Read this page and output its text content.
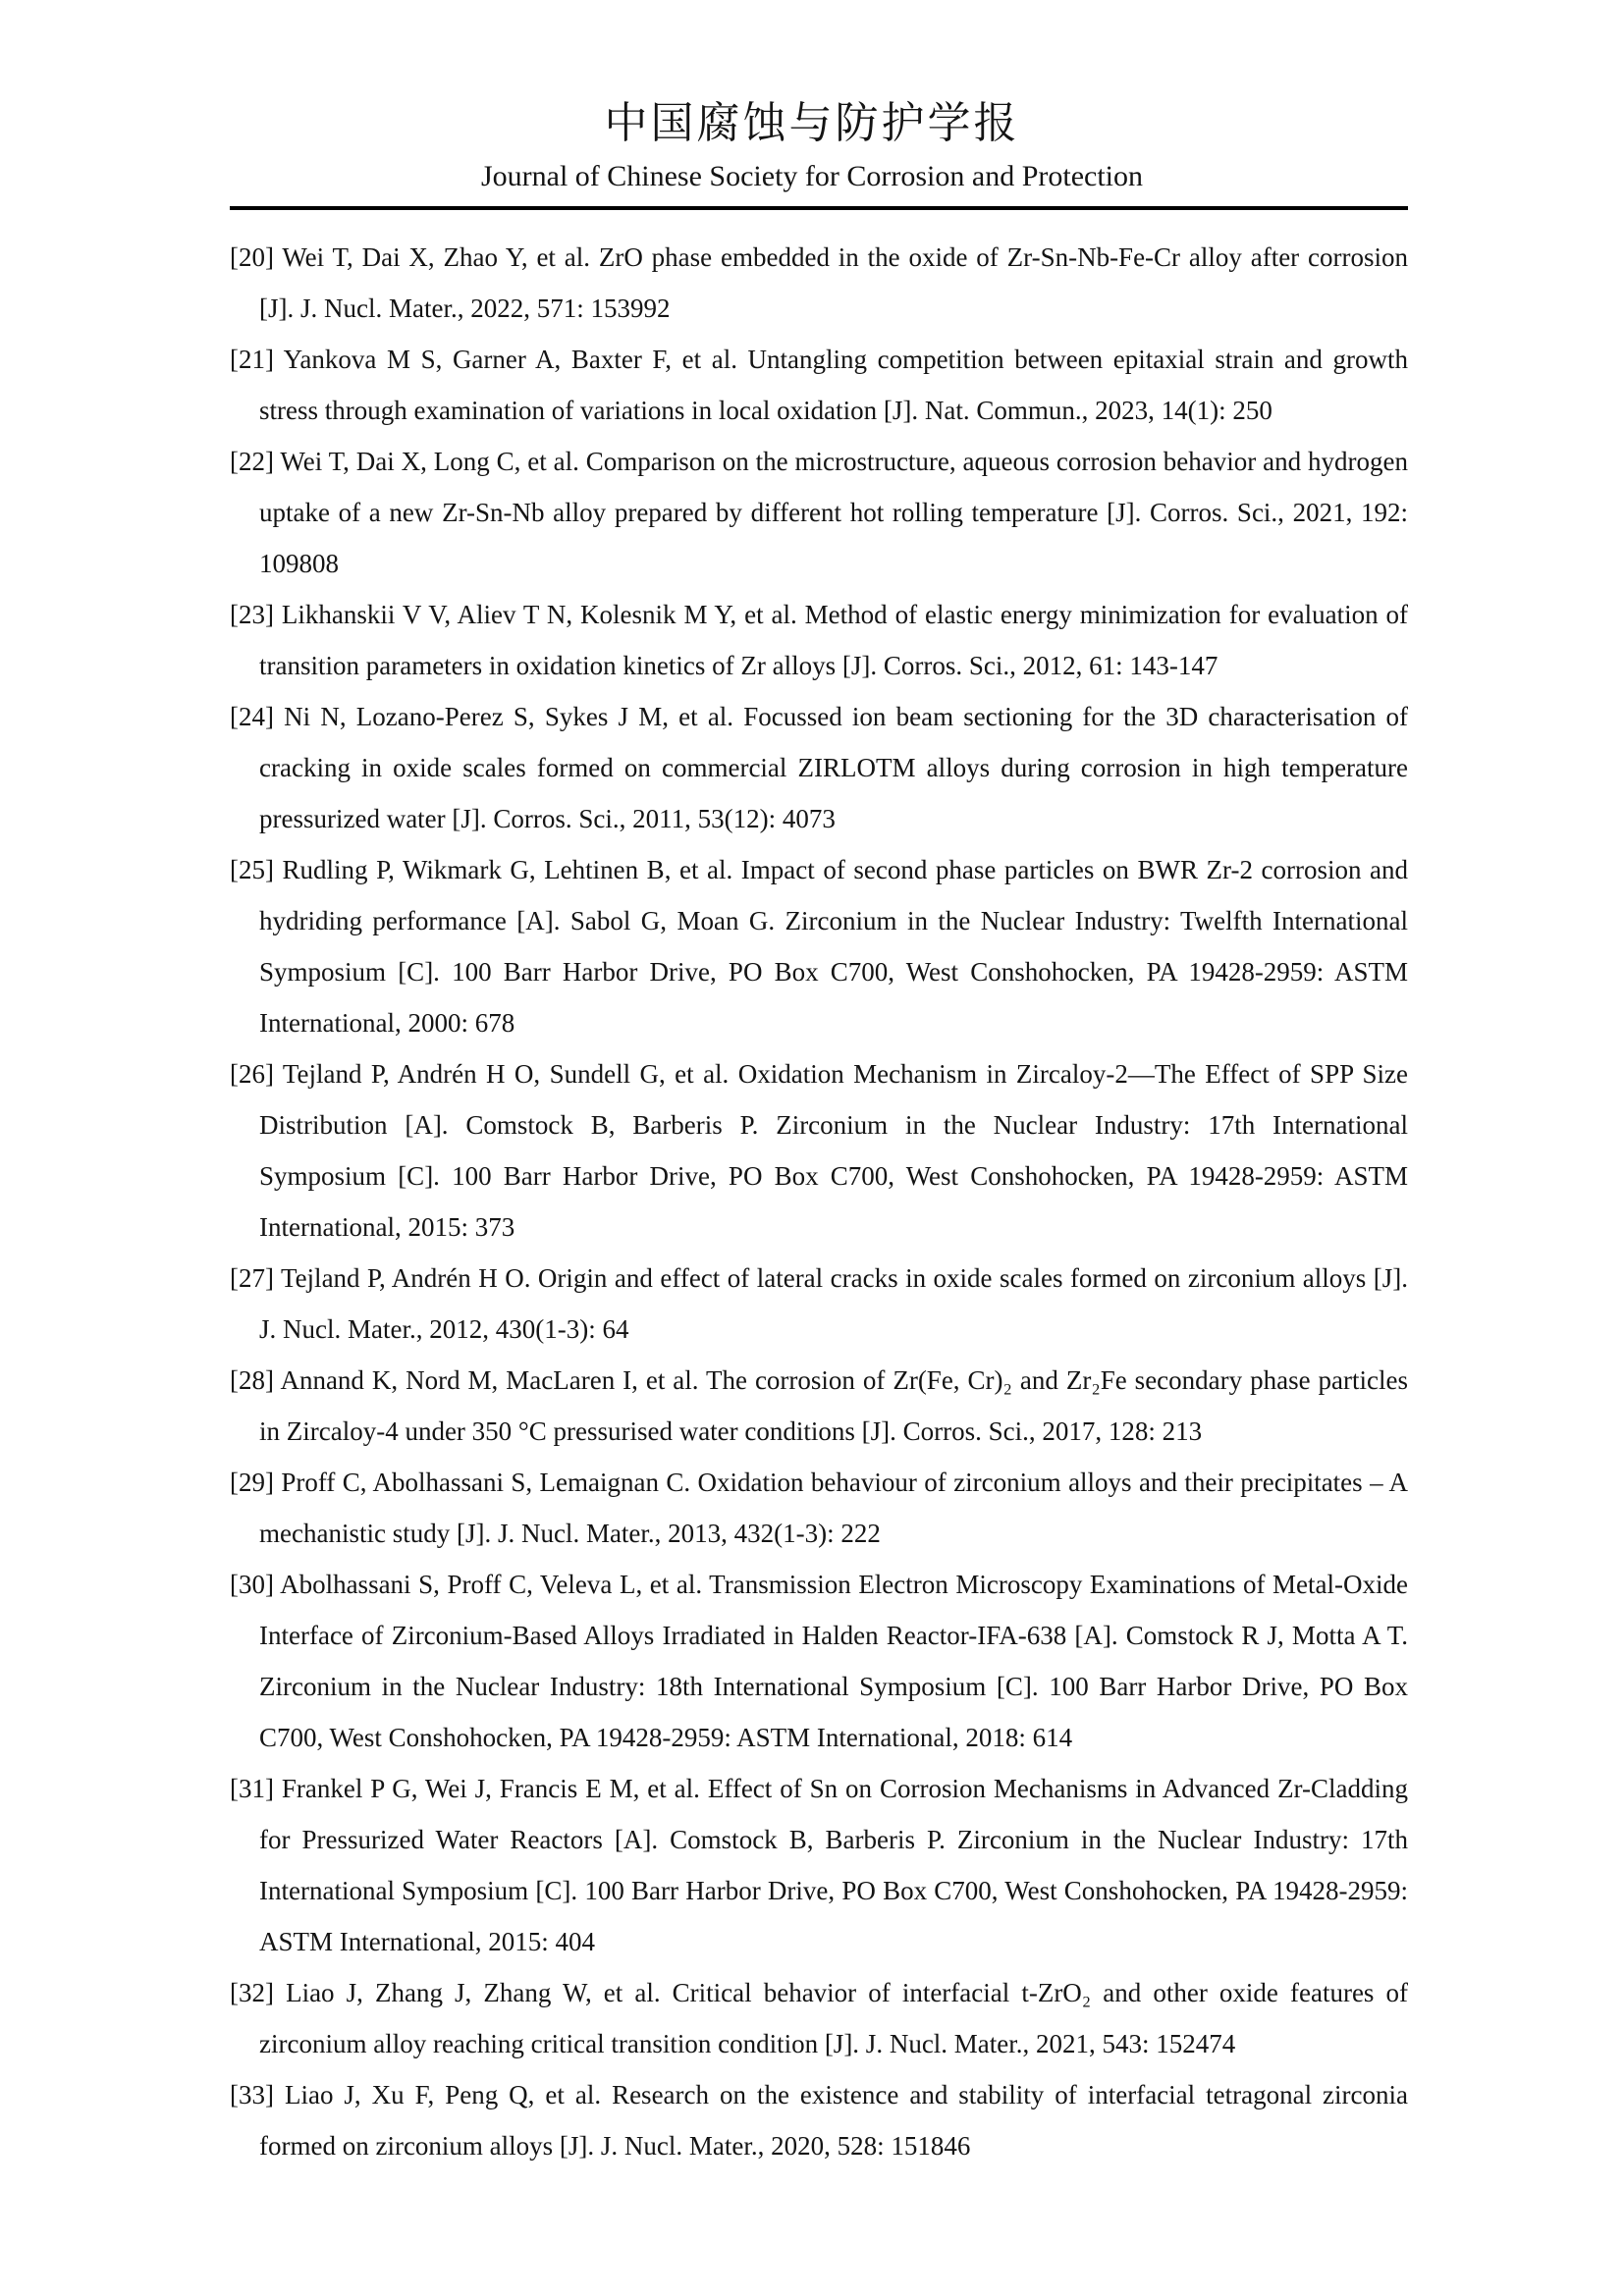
中国腐蚀与防护学报
Journal of Chinese Society for Corrosion and Protection
[20] Wei T, Dai X, Zhao Y, et al. ZrO phase embedded in the oxide of Zr-Sn-Nb-Fe-Cr alloy after corrosion [J]. J. Nucl. Mater., 2022, 571: 153992
[21] Yankova M S, Garner A, Baxter F, et al. Untangling competition between epitaxial strain and growth stress through examination of variations in local oxidation [J]. Nat. Commun., 2023, 14(1): 250
[22] Wei T, Dai X, Long C, et al. Comparison on the microstructure, aqueous corrosion behavior and hydrogen uptake of a new Zr-Sn-Nb alloy prepared by different hot rolling temperature [J]. Corros. Sci., 2021, 192: 109808
[23] Likhanskii V V, Aliev T N, Kolesnik M Y, et al. Method of elastic energy minimization for evaluation of transition parameters in oxidation kinetics of Zr alloys [J]. Corros. Sci., 2012, 61: 143-147
[24] Ni N, Lozano-Perez S, Sykes J M, et al. Focussed ion beam sectioning for the 3D characterisation of cracking in oxide scales formed on commercial ZIRLOTM alloys during corrosion in high temperature pressurized water [J]. Corros. Sci., 2011, 53(12): 4073
[25] Rudling P, Wikmark G, Lehtinen B, et al. Impact of second phase particles on BWR Zr-2 corrosion and hydriding performance [A]. Sabol G, Moan G. Zirconium in the Nuclear Industry: Twelfth International Symposium [C]. 100 Barr Harbor Drive, PO Box C700, West Conshohocken, PA 19428-2959: ASTM International, 2000: 678
[26] Tejland P, Andrén H O, Sundell G, et al. Oxidation Mechanism in Zircaloy-2—The Effect of SPP Size Distribution [A]. Comstock B, Barberis P. Zirconium in the Nuclear Industry: 17th International Symposium [C]. 100 Barr Harbor Drive, PO Box C700, West Conshohocken, PA 19428-2959: ASTM International, 2015: 373
[27] Tejland P, Andrén H O. Origin and effect of lateral cracks in oxide scales formed on zirconium alloys [J]. J. Nucl. Mater., 2012, 430(1-3): 64
[28] Annand K, Nord M, MacLaren I, et al. The corrosion of Zr(Fe, Cr)₂ and Zr₂Fe secondary phase particles in Zircaloy-4 under 350 °C pressurised water conditions [J]. Corros. Sci., 2017, 128: 213
[29] Proff C, Abolhassani S, Lemaignan C. Oxidation behaviour of zirconium alloys and their precipitates – A mechanistic study [J]. J. Nucl. Mater., 2013, 432(1-3): 222
[30] Abolhassani S, Proff C, Veleva L, et al. Transmission Electron Microscopy Examinations of Metal-Oxide Interface of Zirconium-Based Alloys Irradiated in Halden Reactor-IFA-638 [A]. Comstock R J, Motta A T. Zirconium in the Nuclear Industry: 18th International Symposium [C]. 100 Barr Harbor Drive, PO Box C700, West Conshohocken, PA 19428-2959: ASTM International, 2018: 614
[31] Frankel P G, Wei J, Francis E M, et al. Effect of Sn on Corrosion Mechanisms in Advanced Zr-Cladding for Pressurized Water Reactors [A]. Comstock B, Barberis P. Zirconium in the Nuclear Industry: 17th International Symposium [C]. 100 Barr Harbor Drive, PO Box C700, West Conshohocken, PA 19428-2959: ASTM International, 2015: 404
[32] Liao J, Zhang J, Zhang W, et al. Critical behavior of interfacial t-ZrO₂ and other oxide features of zirconium alloy reaching critical transition condition [J]. J. Nucl. Mater., 2021, 543: 152474
[33] Liao J, Xu F, Peng Q, et al. Research on the existence and stability of interfacial tetragonal zirconia formed on zirconium alloys [J]. J. Nucl. Mater., 2020, 528: 151846
